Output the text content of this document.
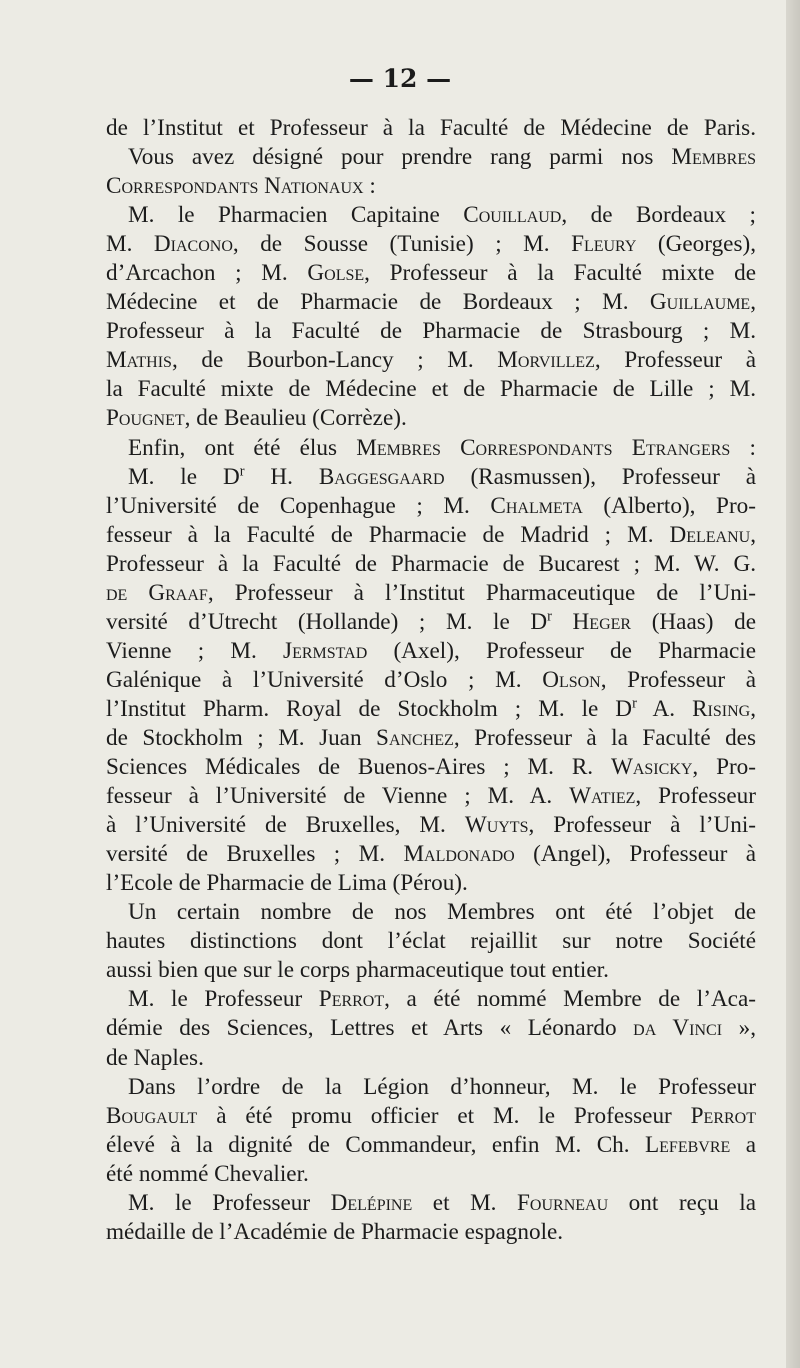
— 12 —
de l’Institut et Professeur à la Faculté de Médecine de Paris.
Vous avez désigné pour prendre rang parmi nos Membres
Correspondants Nationaux :
M. le Pharmacien Capitaine Couillaud, de Bordeaux ;
M. Diacono, de Sousse (Tunisie) ; M. Fleury (Georges),
d’Arcachon ; M. Golse, Professeur à la Faculté mixte de
Médecine et de Pharmacie de Bordeaux ; M. Guillaume,
Professeur à la Faculté de Pharmacie de Strasbourg ; M.
Mathis, de Bourbon-Lancy ; M. Morvillez, Professeur à
la Faculté mixte de Médecine et de Pharmacie de Lille ; M.
Pougnet, de Beaulieu (Corrèze).
Enfin, ont été élus Membres Correspondants Etrangers :
M. le $D^r$ H. Baggesgaard (Rasmussen), Professeur à
l’Université de Copenhague ; M. Chalmeta (Alberto), Pro-
fesseur à la Faculté de Pharmacie de Madrid ; M. Deleanu,
Professeur à la Faculté de Pharmacie de Bucarest ; M. W. G.
de Graaf, Professeur à l’Institut Pharmaceutique de l’Uni-
versité d’Utrecht (Hollande) ; M. le $D^r$ Heger (Haas) de
Vienne ; M. Jermstad (Axel), Professeur de Pharmacie
Galénique à l’Université d’Oslo ; M. Olson, Professeur à
l’Institut Pharm. Royal de Stockholm ; M. le $D^r$ A. Rising,
de Stockholm ; M. Juan Sanchez, Professeur à la Faculté des
Sciences Médicales de Buenos-Aires ; M. R. Wasicky, Pro-
fesseur à l’Université de Vienne ; M. A. Watiez, Professeur
à l’Université de Bruxelles, M. Wuyts, Professeur à l’Uni-
versité de Bruxelles ; M. Maldonado (Angel), Professeur à
l’Ecole de Pharmacie de Lima (Pérou).
Un certain nombre de nos Membres ont été l’objet de
hautes distinctions dont l’éclat rejaillit sur notre Société
aussi bien que sur le corps pharmaceutique tout entier.
M. le Professeur Perrot, a été nommé Membre de l’Aca-
démie des Sciences, Lettres et Arts « Léonardo da Vinci »,
de Naples.
Dans l’ordre de la Légion d’honneur, M. le Professeur
Bougault à été promu officier et M. le Professeur Perrot
élevé à la dignité de Commandeur, enfin M. Ch. Lefebvre a
été nommé Chevalier.
M. le Professeur Delépine et M. Fourneau ont reçu la
médaille de l’Académie de Pharmacie espagnole.
